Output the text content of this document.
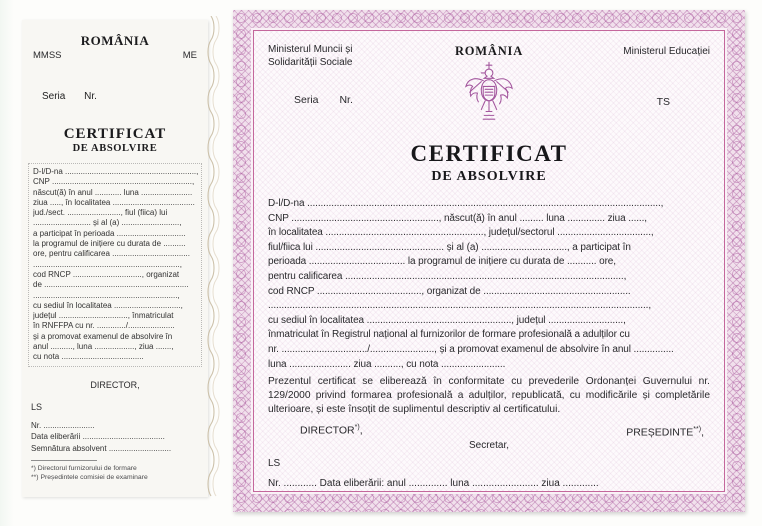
ROMÂNIA
MMSS	ME
Seria Nr.
CERTIFICAT
DE ABSOLVIRE
D-l/D-na ...........................................................,
CNP ...............................................................,
născut(ă) în anul ............ luna .......................
ziua ....., în localitatea .....................................
jud./sect. ........................, fiul (fiica) lui
.......................... și al (a) ..........................,
a participat în perioada ...............................
la programul de inițiere cu durata de ..........
ore, pentru calificarea ...................................
..................................................................,
cod RNCP ..............................., organizat
de .................................................................
.................................................................,
cu sediul în localitatea ..............................,
județul ..............................., înmatriculat
în RNFFPA cu nr. ............./.....................
și a promovat examenul de absolvire în
anul .........., luna .................., ziua .......,
cu nota .....................................
DIRECTOR,
LS
Nr. .......................
Data eliberării .....................................
Semnătura absolvent ............................
*) Directorul furnizorului de formare
**) Președintele comisiei de examinare
Ministerul Muncii și
Solidarității Sociale
ROMÂNIA	Ministerul Educației
Seria Nr.	TS
CERTIFICAT
DE ABSOLVIRE
D-l/D-na ....................................................................................................................................,
CNP ......................................................., născut(ă) în anul ......... luna .............. ziua ......,
în localitatea ..........................................................., județul/sectorul ...................................,
fiul/fiica lui ................................................ și al (a) ................................, a participat în
perioada .................................... la programul de inițiere cu durata de ........... ore,
pentru calificarea ........................................................................................................,
cod RNCP ......................................., organizat de .......................................................
..............................................................................................................................................,
cu sediul în localitatea ......................................................, județul ............................,
înmatriculat în Registrul național al furnizorilor de formare profesională a adulților cu
nr. ................................/........................, și a promovat examenul de absolvire în anul ...............
luna ....................... ziua .........., cu nota ........................
Prezentul certificat se eliberează în conformitate cu prevederile Ordonanței Guvernului nr. 129/2000 privind formarea profesională a adulților, republicată, cu modificările și completările ulterioare, și este însoțit de suplimentul descriptiv al certificatului.
DIRECTOR*),
Secretar,
PREȘEDINTE**),
LS
Nr. ............ Data eliberării: anul .............. luna ........................ ziua .............
